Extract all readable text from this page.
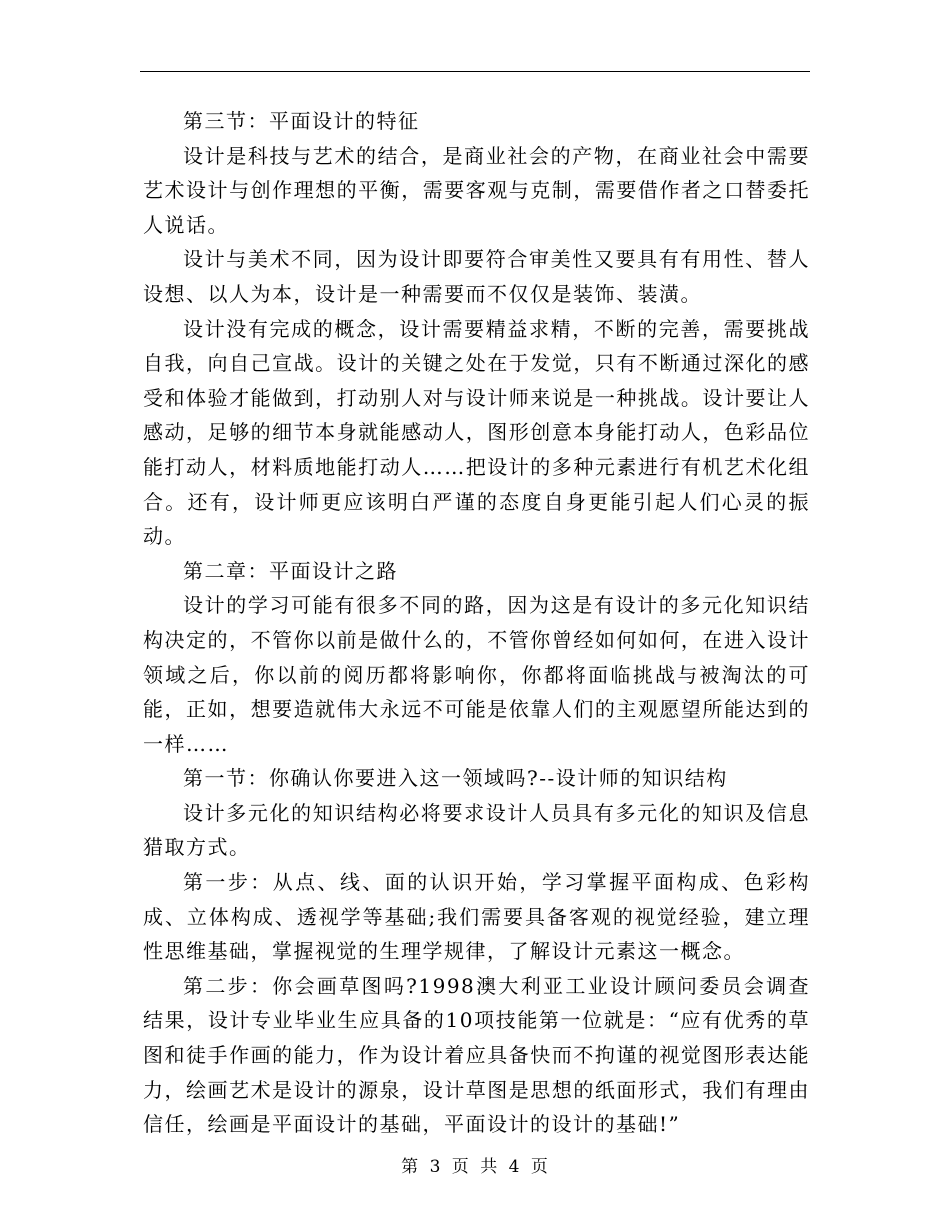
第三节：平面设计的特征

设计是科技与艺术的结合，是商业社会的产物，在商业社会中需要艺术设计与创作理想的平衡，需要客观与克制，需要借作者之口替委托人说话。

设计与美术不同，因为设计即要符合审美性又要具有有用性、替人设想、以人为本，设计是一种需要而不仅仅是装饰、装潢。

设计没有完成的概念，设计需要精益求精，不断的完善，需要挑战自我，向自己宣战。设计的关键之处在于发觉，只有不断通过深化的感受和体验才能做到，打动别人对与设计师来说是一种挑战。设计要让人感动，足够的细节本身就能感动人，图形创意本身能打动人，色彩品位能打动人，材料质地能打动人……把设计的多种元素进行有机艺术化组合。还有，设计师更应该明白严谨的态度自身更能引起人们心灵的振动。

第二章：平面设计之路

设计的学习可能有很多不同的路，因为这是有设计的多元化知识结构决定的，不管你以前是做什么的，不管你曾经如何如何，在进入设计领域之后，你以前的阅历都将影响你，你都将面临挑战与被淘汰的可能，正如，想要造就伟大永远不可能是依靠人们的主观愿望所能达到的一样……

第一节：你确认你要进入这一领域吗?--设计师的知识结构

设计多元化的知识结构必将要求设计人员具有多元化的知识及信息猎取方式。

第一步：从点、线、面的认识开始，学习掌握平面构成、色彩构成、立体构成、透视学等基础;我们需要具备客观的视觉经验，建立理性思维基础，掌握视觉的生理学规律，了解设计元素这一概念。

第二步：你会画草图吗?1998澳大利亚工业设计顾问委员会调查结果，设计专业毕业生应具备的10项技能第一位就是：“应有优秀的草图和徒手作画的能力，作为设计着应具备快而不拘谨的视觉图形表达能力，绘画艺术是设计的源泉，设计草图是思想的纸面形式，我们有理由信任，绘画是平面设计的基础，平面设计的设计的基础!”

第 3 页 共 4 页
